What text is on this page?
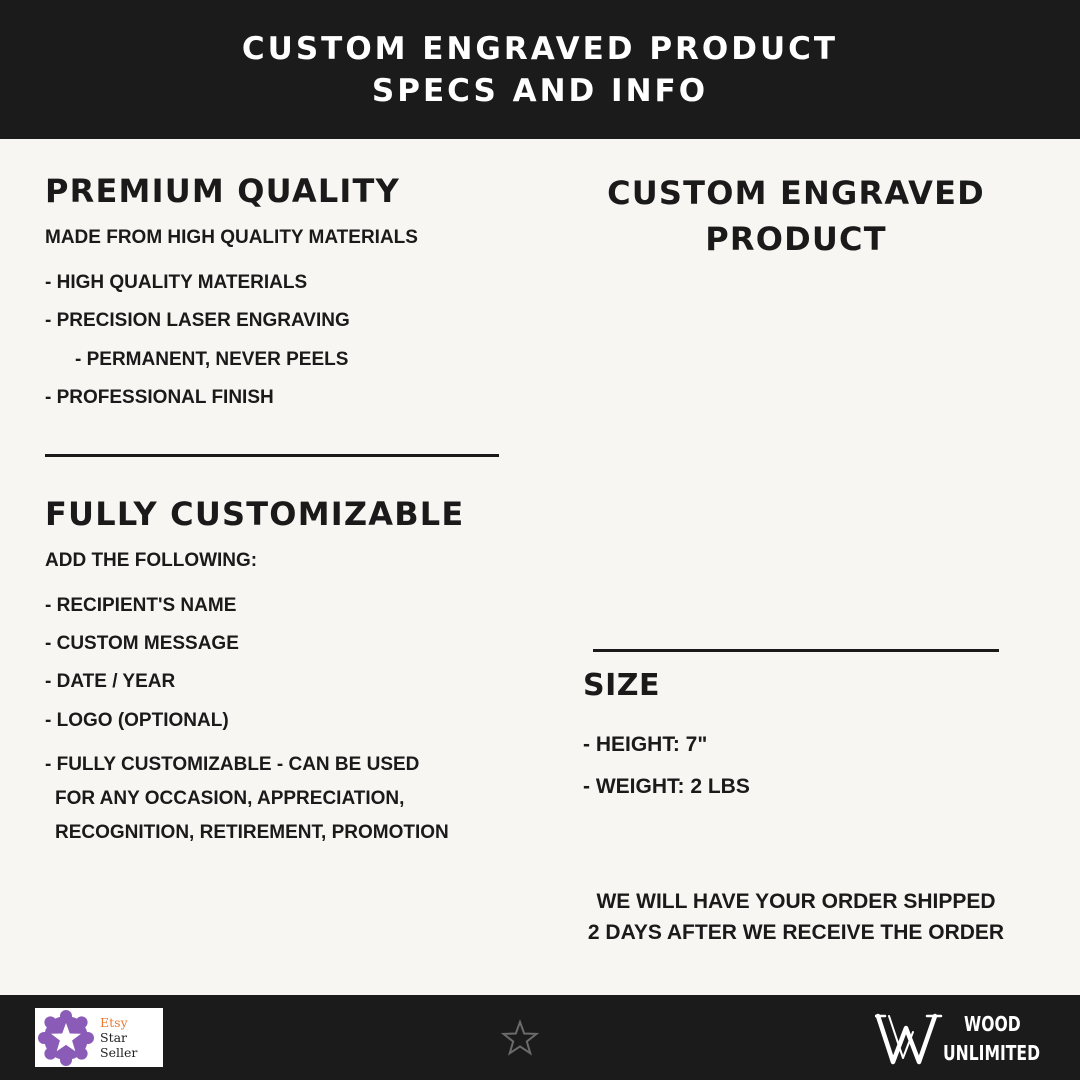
CUSTOM ENGRAVED PRODUCT
SPECS AND INFO
PREMIUM QUALITY
MADE FROM HIGH QUALITY MATERIALS
- HIGH QUALITY MATERIALS
- PRECISION LASER ENGRAVING
- PERMANENT, NEVER PEELS
- PROFESSIONAL FINISH
FULLY CUSTOMIZABLE
ADD THE FOLLOWING:
- RECIPIENT'S NAME
- CUSTOM MESSAGE
- DATE / YEAR
- LOGO (OPTIONAL)
- FULLY CUSTOMIZABLE - CAN BE USED
FOR ANY OCCASION, APPRECIATION,
RECOGNITION, RETIREMENT, PROMOTION
CUSTOM ENGRAVED
PRODUCT
SIZE
- HEIGHT: 7"
- WEIGHT: 2 LBS
WE WILL HAVE YOUR ORDER SHIPPED
2 DAYS AFTER WE RECEIVE THE ORDER
Etsy
Star Seller
WOOD
UNLIMITED
